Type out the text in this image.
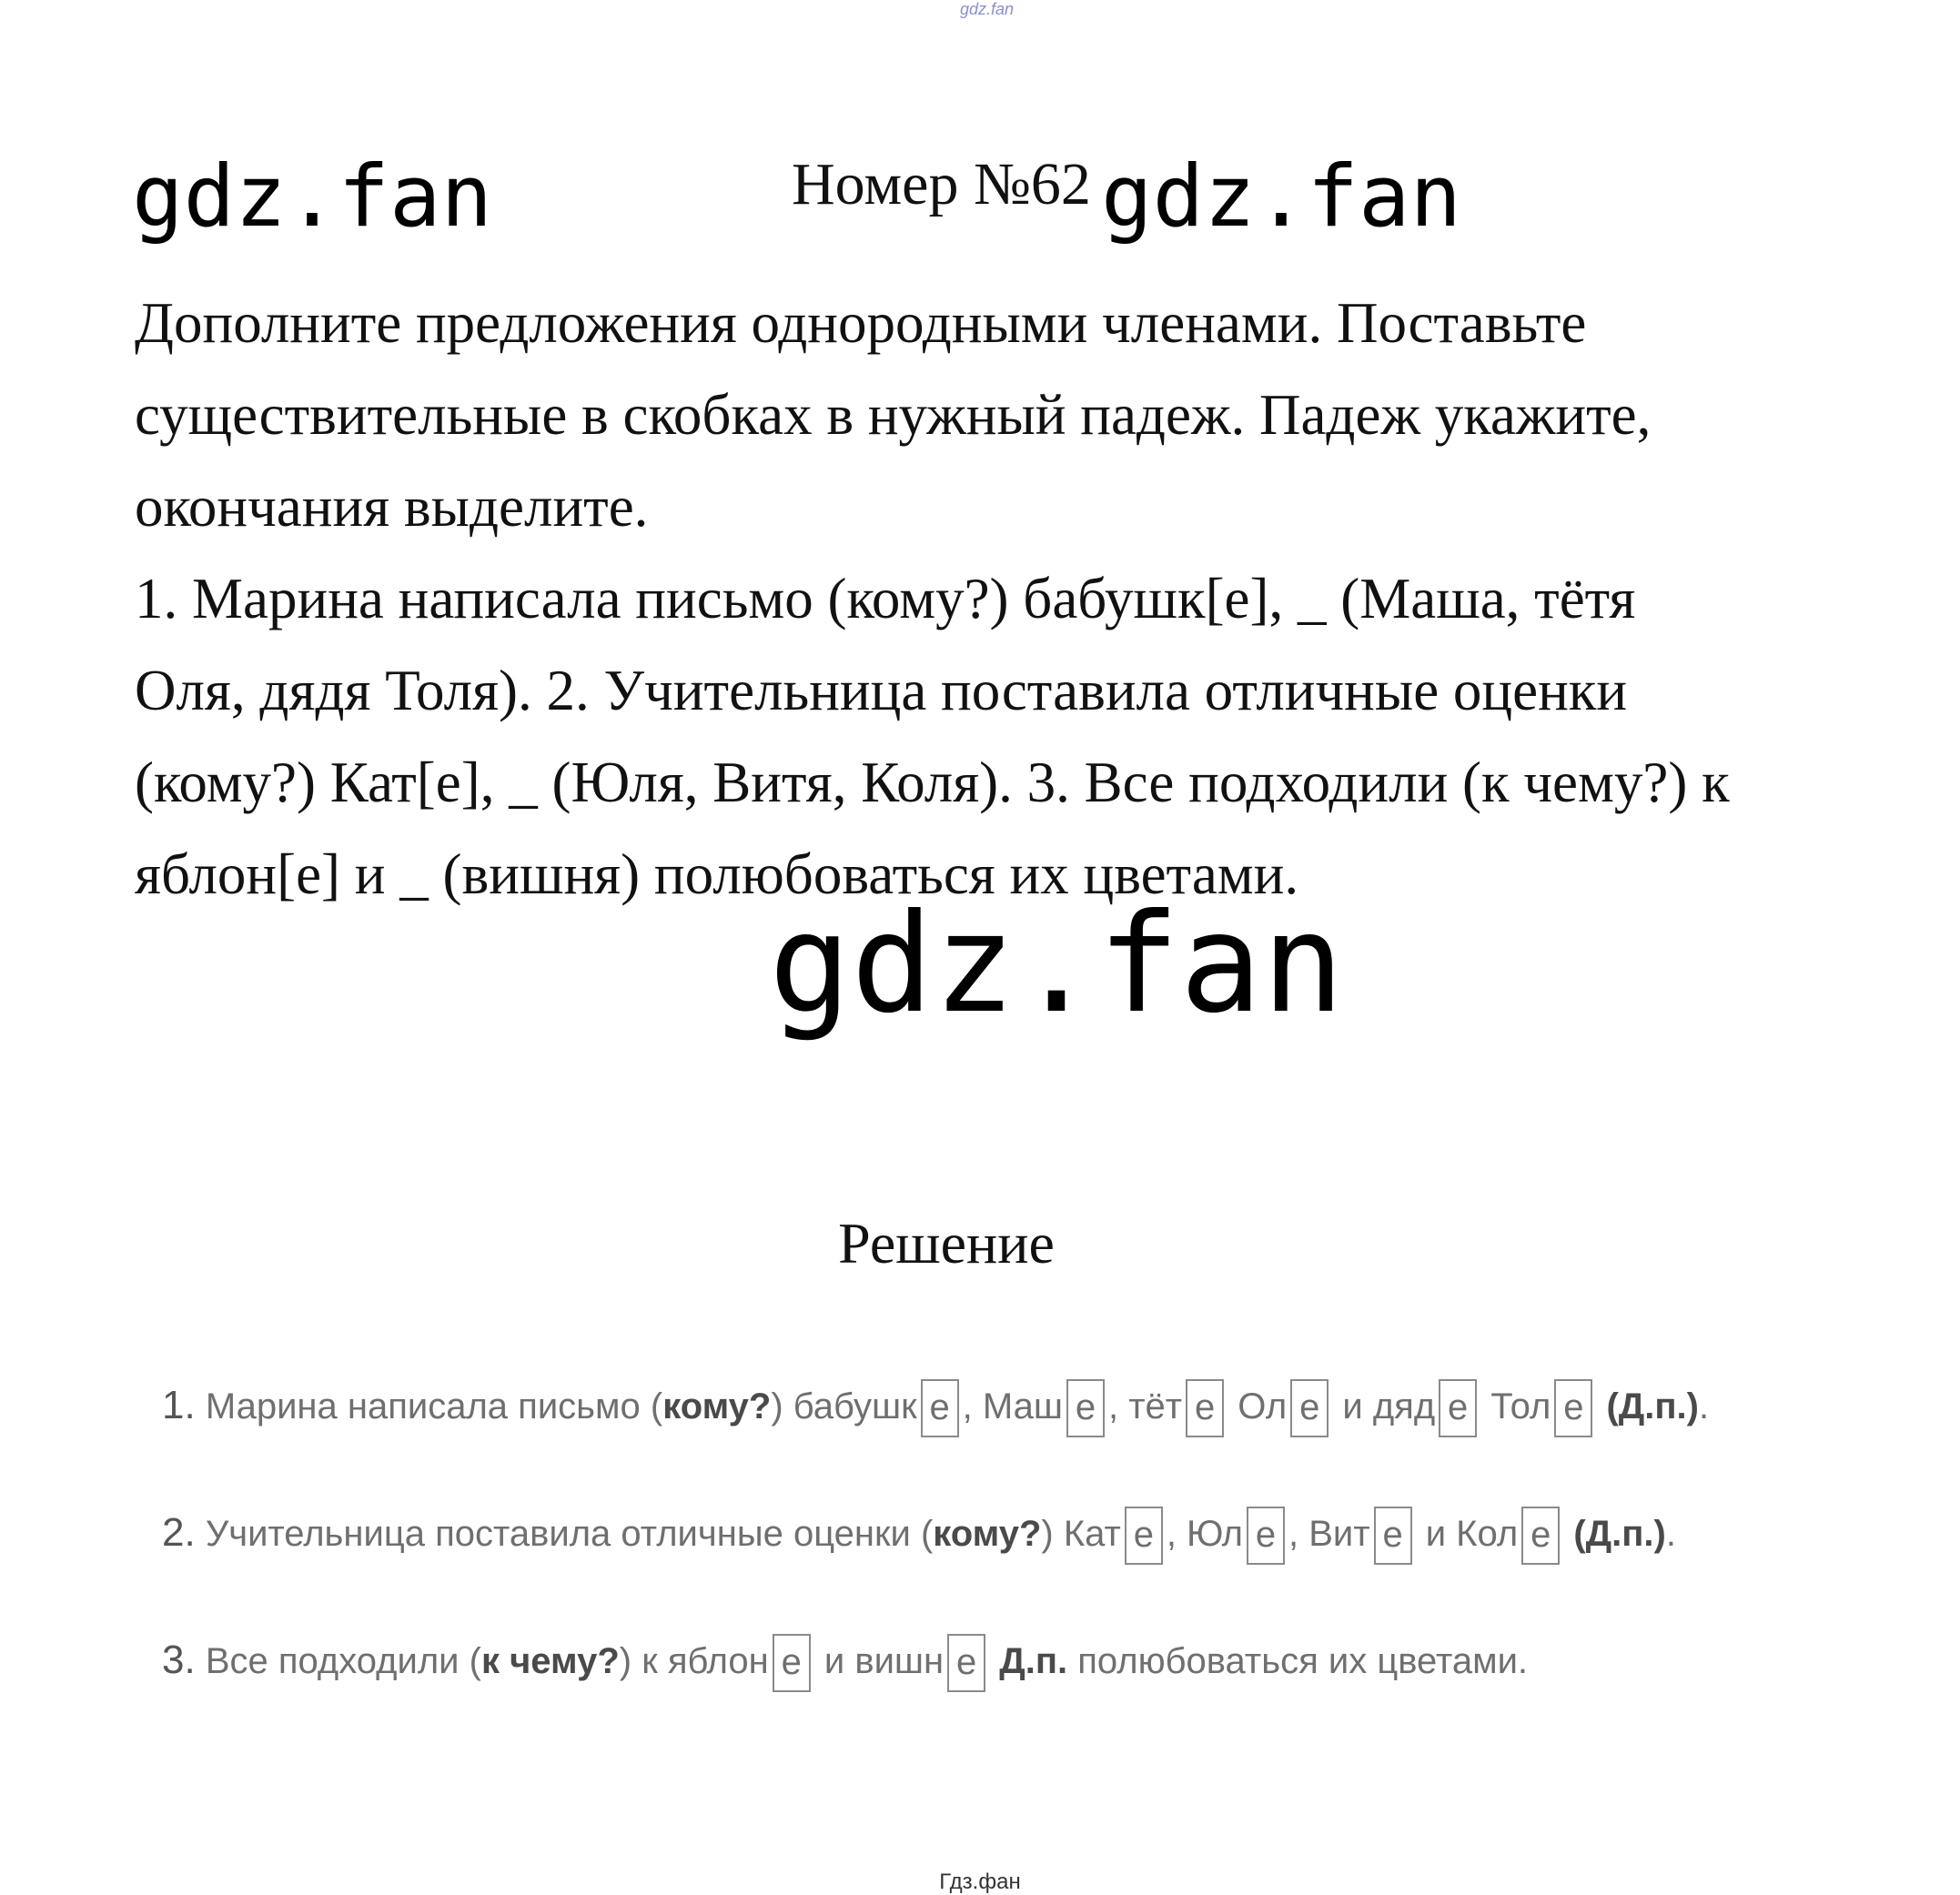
gdz.fan
gdz.fan	Номер №62 gdz.fan

Дополните предложения однородными членами. Поставьте существительные в скобках в нужный падеж. Падеж укажите, окончания выделите.

1. Марина написала письмо (кому?) бабушк[е], _ (Маша, тётя Оля, дядя Толя). 2. Учительница поставила отличные оценки (кому?) Кат[е], _ (Юля, Витя, Коля). 3. Все подходили (к чему?) к яблон[е] и _ (вишня) полюбоваться их цветами.

gdz.fan
Решение
1. Марина написала письмо (кому?) бабушк е , Маш е , тёт е Ол е и дяд е Тол е (Д.п.).
2. Учительница поставила отличные оценки (кому?) Кат е , Юл е , Вит е и Кол е (Д.п.).
3. Все подходили (к чему?) к яблон е и вишн е Д.п. полюбоваться их цветами.
Гдз.фан
